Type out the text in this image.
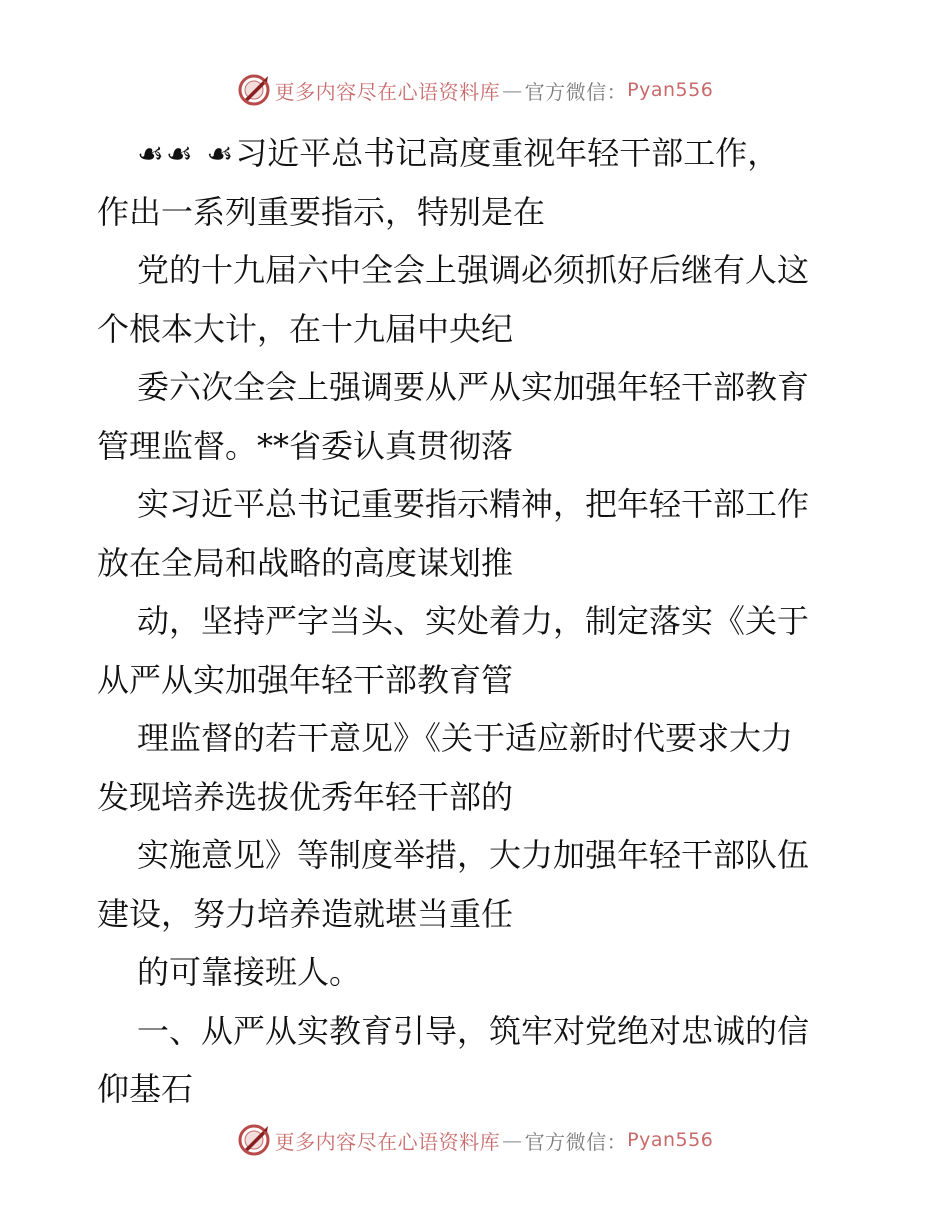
更多内容尽在心语资料库 — 官方微信： Pyan556
☙☙ ☙习近平总书记高度重视年轻干部工作，
作出一系列重要指示，特别是在
党的十九届六中全会上强调必须抓好后继有人这
个根本大计，在十九届中央纪
委六次全会上强调要从严从实加强年轻干部教育
管理监督。**省委认真贯彻落
实习近平总书记重要指示精神，把年轻干部工作
放在全局和战略的高度谋划推
动，坚持严字当头、实处着力，制定落实《关于
从严从实加强年轻干部教育管
理监督的若干意见》《关于适应新时代要求大力
发现培养选拔优秀年轻干部的
实施意见》等制度举措，大力加强年轻干部队伍
建设，努力培养造就堪当重任
的可靠接班人。
一、从严从实教育引导，筑牢对党绝对忠诚的信
仰基石
更多内容尽在心语资料库 — 官方微信： Pyan556
